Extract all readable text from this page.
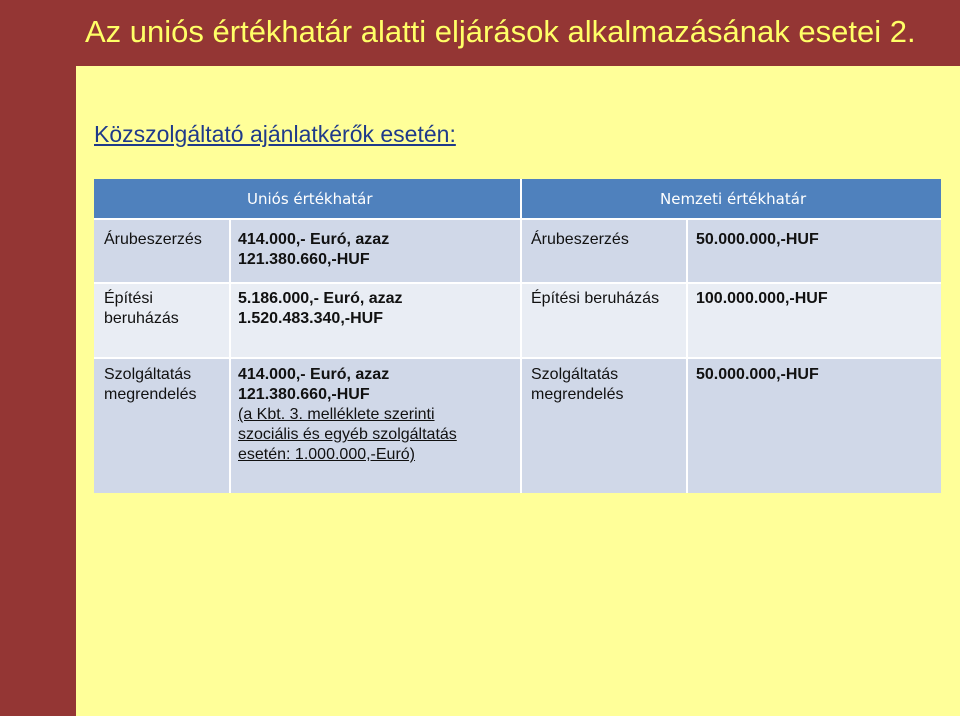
Az uniós értékhatár alatti eljárások alkalmazásának esetei 2.
Közszolgáltató ajánlatkérők esetén:
Uniós értékhatár	Nemzeti értékhatár
Árubeszerzés 414.000,- Euró, azaz
121.380.660,-HUF
Árubeszerzés	50.000.000,-HUF
Építési
beruházás
5.186.000,- Euró, azaz
1.520.483.340,-HUF
Építési beruházás 100.000.000,-HUF
Szolgáltatás
megrendelés
414.000,- Euró, azaz
121.380.660,-HUF
(a Kbt. 3. melléklete szerinti
szociális és egyéb szolgáltatás
esetén: 1.000.000,-Euró)
Szolgáltatás
megrendelés
50.000.000,-HUF
